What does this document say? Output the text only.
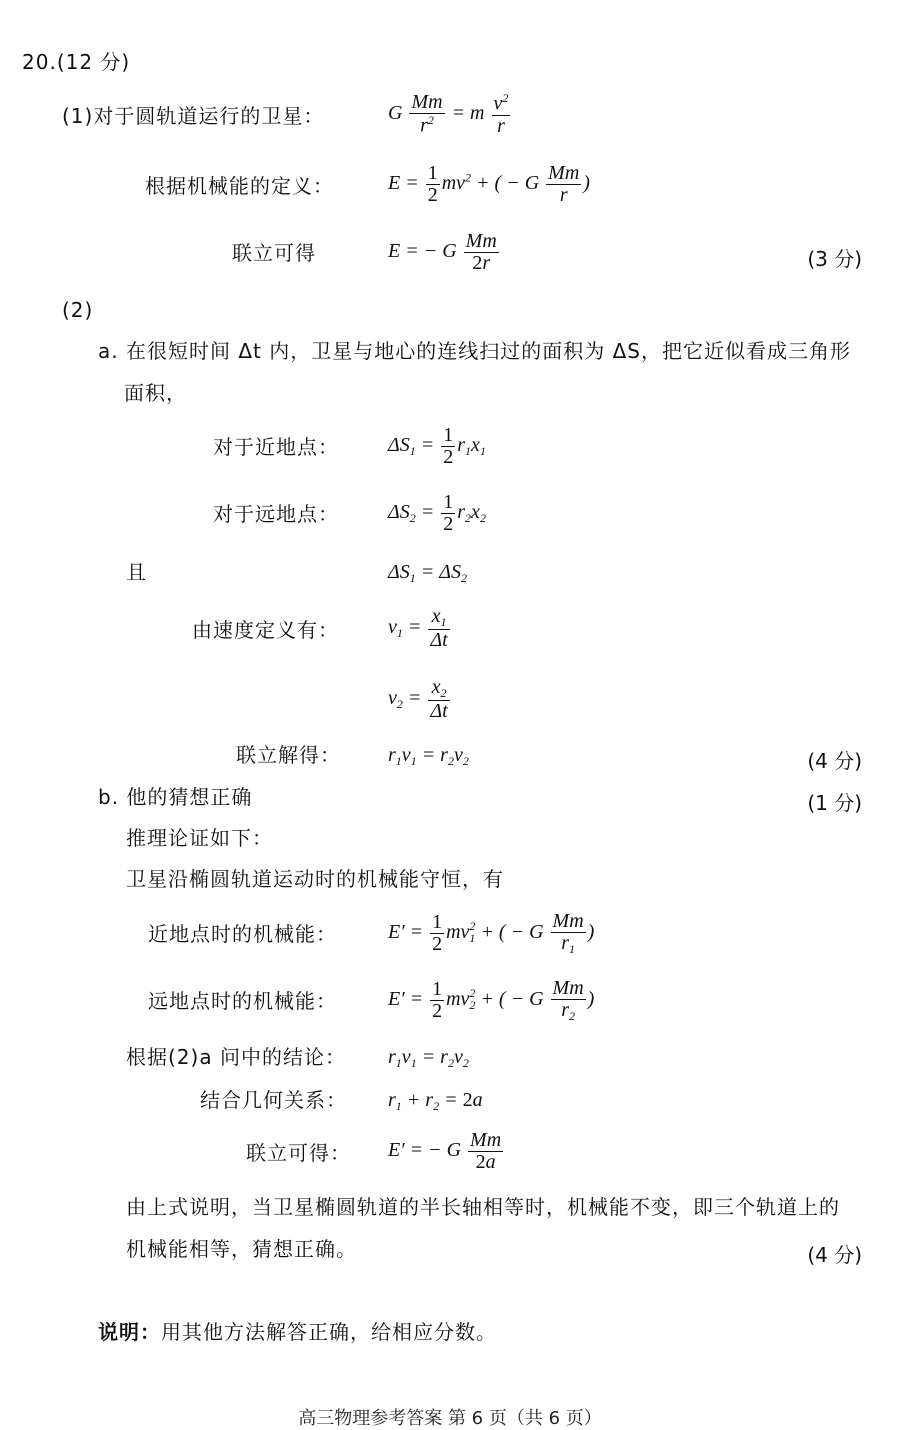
20.(12 分)
(1)对于圆轨道运行的卫星：	G $\frac{Mm}{r^2} = m \frac{v^2}{r}$
根据机械能的定义：	$E = \frac{1}{2} mv^2$ + ( − G $\frac{Mm}{r}$ )
联立可得	E = − G $\frac{Mm}{2r}$	(3 分)
(2)
a. 在很短时间 Δt 内，卫星与地心的连线扫过的面积为 ΔS，把它近似看成三角形
面积，
对于近地点： $\Delta S_1 = \frac{1}{2} r_1x_1$
对于远地点： $\Delta S_2 = \frac{1}{2} r_2x_2$
且	$\Delta S_1 = \Delta S_2$
由速度定义有： $v_1 = \frac{x_1}{\Delta t}$
$v_2 = \frac{x_2}{\Delta t}$
联立解得： $r_1v_1 = r_2v_2$	(4 分)
b. 他的猜想正确	(1 分)
推理论证如下：
卫星沿椭圆轨道运动时的机械能守恒，有
近地点时的机械能：	$E' = \frac{1}{2} mv_1^2$ + ( − G $\frac{Mm}{r_1}$ )
远地点时的机械能：	$E' = \frac{1}{2} mv_2^2$ + ( − G $\frac{Mm}{r_2}$ )
根据(2)a 问中的结论： $r_1v_1 = r_2v_2$
结合几何关系： $r_1 + r_2 = 2a$
联立可得： E′ = − G $\frac{Mm}{2a}$
由上式说明，当卫星椭圆轨道的半长轴相等时，机械能不变，即三个轨道上的
机械能相等，猜想正确。	(4 分)
说明：用其他方法解答正确，给相应分数。
高三物理参考答案 第 6 页（共 6 页）
